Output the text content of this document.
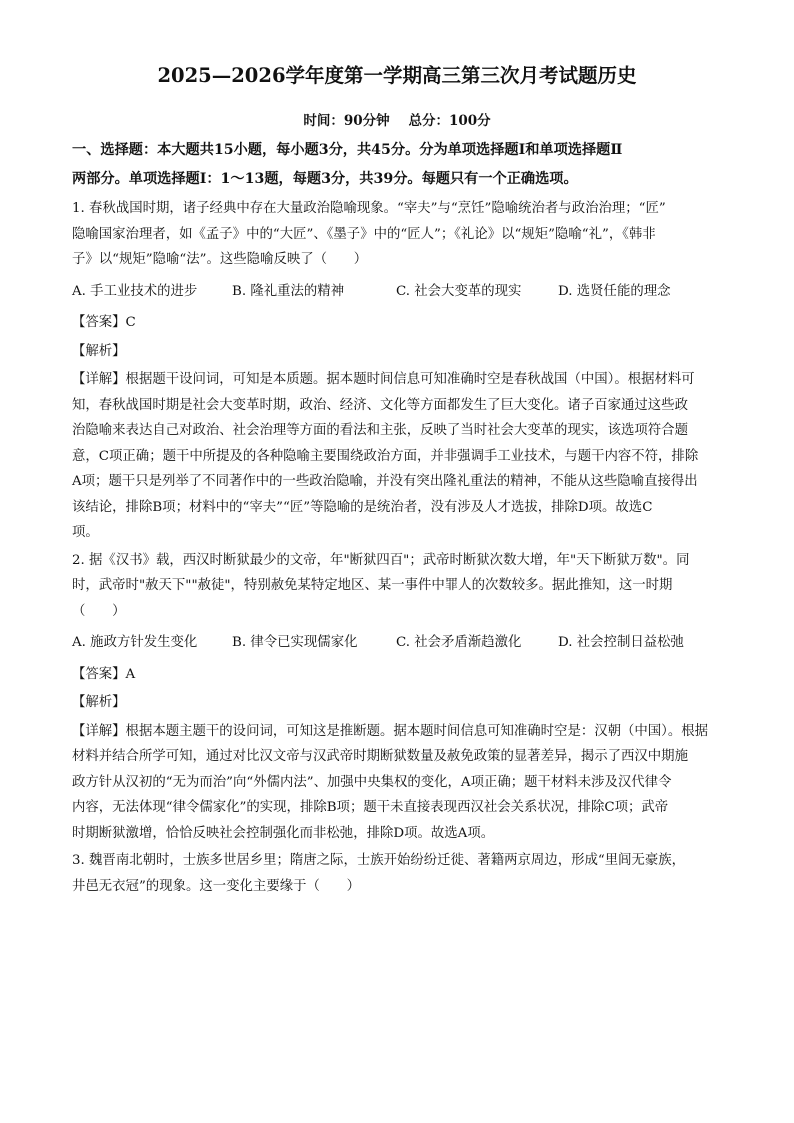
2025—2026学年度第一学期高三第三次月考试题历史
时间：90分钟 总分：100分

一、选择题：本大题共15小题，每小题3分，共45分。分为单项选择题Ⅰ和单项选择题Ⅱ

两部分。单项选择题Ⅰ：1～13题，每题3分，共39分。每题只有一个正确选项。

1. 春秋战国时期，诸子经典中存在大量政治隐喻现象。“宰夫”与“烹饪”隐喻统治者与政治治理；“匠”
隐喻国家治理者，如《孟子》中的“大匠”、《墨子》中的“匠人”；《礼论》以“规矩”隐喻“礼”，《韩非
子》以“规矩”隐喻“法”。这些隐喻反映了（　　）
A. 手工业技术的进步	B. 隆礼重法的精神	C. 社会大变革的现实	D. 选贤任能的理念

【答案】C

【解析】

【详解】根据题干设问词，可知是本质题。据本题时间信息可知准确时空是春秋战国（中国）。根据材料可
知，春秋战国时期是社会大变革时期，政治、经济、文化等方面都发生了巨大变化。诸子百家通过这些政
治隐喻来表达自己对政治、社会治理等方面的看法和主张，反映了当时社会大变革的现实，该选项符合题
意，C项正确；题干中所提及的各种隐喻主要围绕政治方面，并非强调手工业技术，与题干内容不符，排除
A项；题干只是列举了不同著作中的一些政治隐喻，并没有突出隆礼重法的精神，不能从这些隐喻直接得出
该结论，排除B项；材料中的“宰夫”“匠”等隐喻的是统治者，没有涉及人才选拔，排除D项。故选C
项。
2. 据《汉书》载，西汉时断狱最少的文帝，年"断狱四百"；武帝时断狱次数大增，年"天下断狱万数"。同
时，武帝时"赦天下""赦徒"，特别赦免某特定地区、某一事件中罪人的次数较多。据此推知，这一时期
（　　）
A. 施政方针发生变化	B. 律令已实现儒家化	C. 社会矛盾渐趋激化	D. 社会控制日益松弛

【答案】A

【解析】

【详解】根据本题主题干的设问词，可知这是推断题。据本题时间信息可知准确时空是：汉朝（中国）。根据
材料并结合所学可知，通过对比汉文帝与汉武帝时期断狱数量及赦免政策的显著差异，揭示了西汉中期施
政方针从汉初的“无为而治”向“外儒内法”、加强中央集权的变化，A项正确；题干材料未涉及汉代律令
内容，无法体现“律令儒家化”的实现，排除B项；题干未直接表现西汉社会关系状况，排除C项；武帝
时期断狱激增，恰恰反映社会控制强化而非松弛，排除D项。故选A项。
3. 魏晋南北朝时，士族多世居乡里；隋唐之际，士族开始纷纷迁徙、著籍两京周边，形成“里闾无豪族，
井邑无衣冠”的现象。这一变化主要缘于（　　）
